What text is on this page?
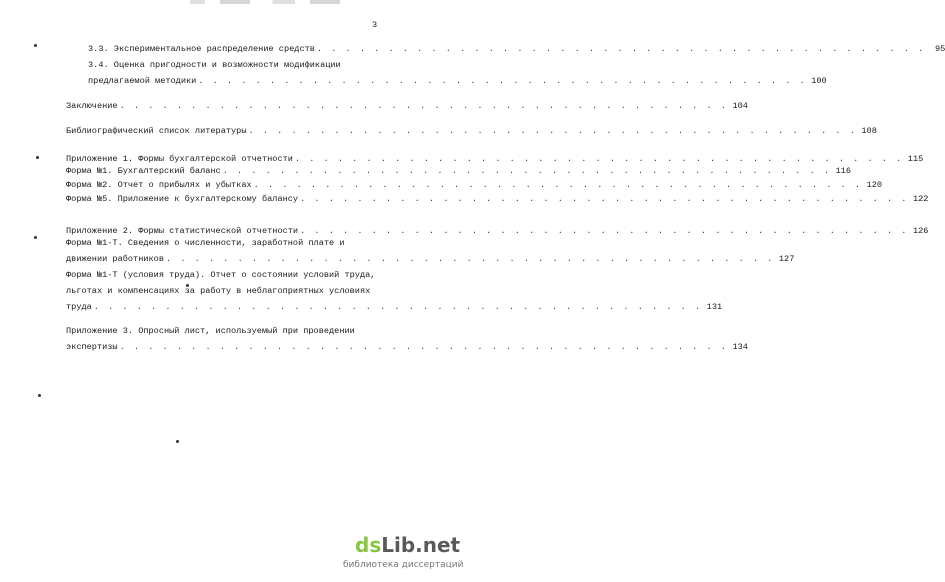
3
3.3. Экспериментальное распределение средств . . . . . . . . . . . . . . . . . . . . . . . . . . . . . . . . . . . . . . . . . . .	95
3.4. Оценка пригодности и возможности модификации
предлагаемой методики . . . . . . . . . . . . . . . . . . . . . . . . . . . . . . . . . . . . . . . . . . . 100
Заключение . . . . . . . . . . . . . . . . . . . . . . . . . . . . . . . . . . . . . . . . . . . 104
Библиографический список литературы . . . . . . . . . . . . . . . . . . . . . . . . . . . . . . . . . . . . . . . . . . . 108
Приложение 1. Формы бухгалтерской отчетности . . . . . . . . . . . . . . . . . . . . . . . . . . . . . . . . . . . . . . . . . . . 115
Форма №1. Бухгалтерский баланс . . . . . . . . . . . . . . . . . . . . . . . . . . . . . . . . . . . . . . . . . . . 116
Форма №2. Отчет о прибылях и убытках . . . . . . . . . . . . . . . . . . . . . . . . . . . . . . . . . . . . . . . . . . . 120
Форма №5. Приложение к бухгалтерскому балансу . . . . . . . . . . . . . . . . . . . . . . . . . . . . . . . . . . . . . . . . . . . 122
Приложение 2. Формы статистической отчетности . . . . . . . . . . . . . . . . . . . . . . . . . . . . . . . . . . . . . . . . . . . 126
Форма №1-Т. Сведения о численности, заработной плате и
движении работников . . . . . . . . . . . . . . . . . . . . . . . . . . . . . . . . . . . . . . . . . . . 127
Форма №1-Т (условия труда). Отчет о состоянии условий труда,
льготах и компенсациях за работу в неблагоприятных условиях
труда . . . . . . . . . . . . . . . . . . . . . . . . . . . . . . . . . . . . . . . . . . . 131
Приложение 3. Опросный лист, используемый при проведении
экспертизы . . . . . . . . . . . . . . . . . . . . . . . . . . . . . . . . . . . . . . . . . . . 134
dsLib.net
библиотека диссертаций
